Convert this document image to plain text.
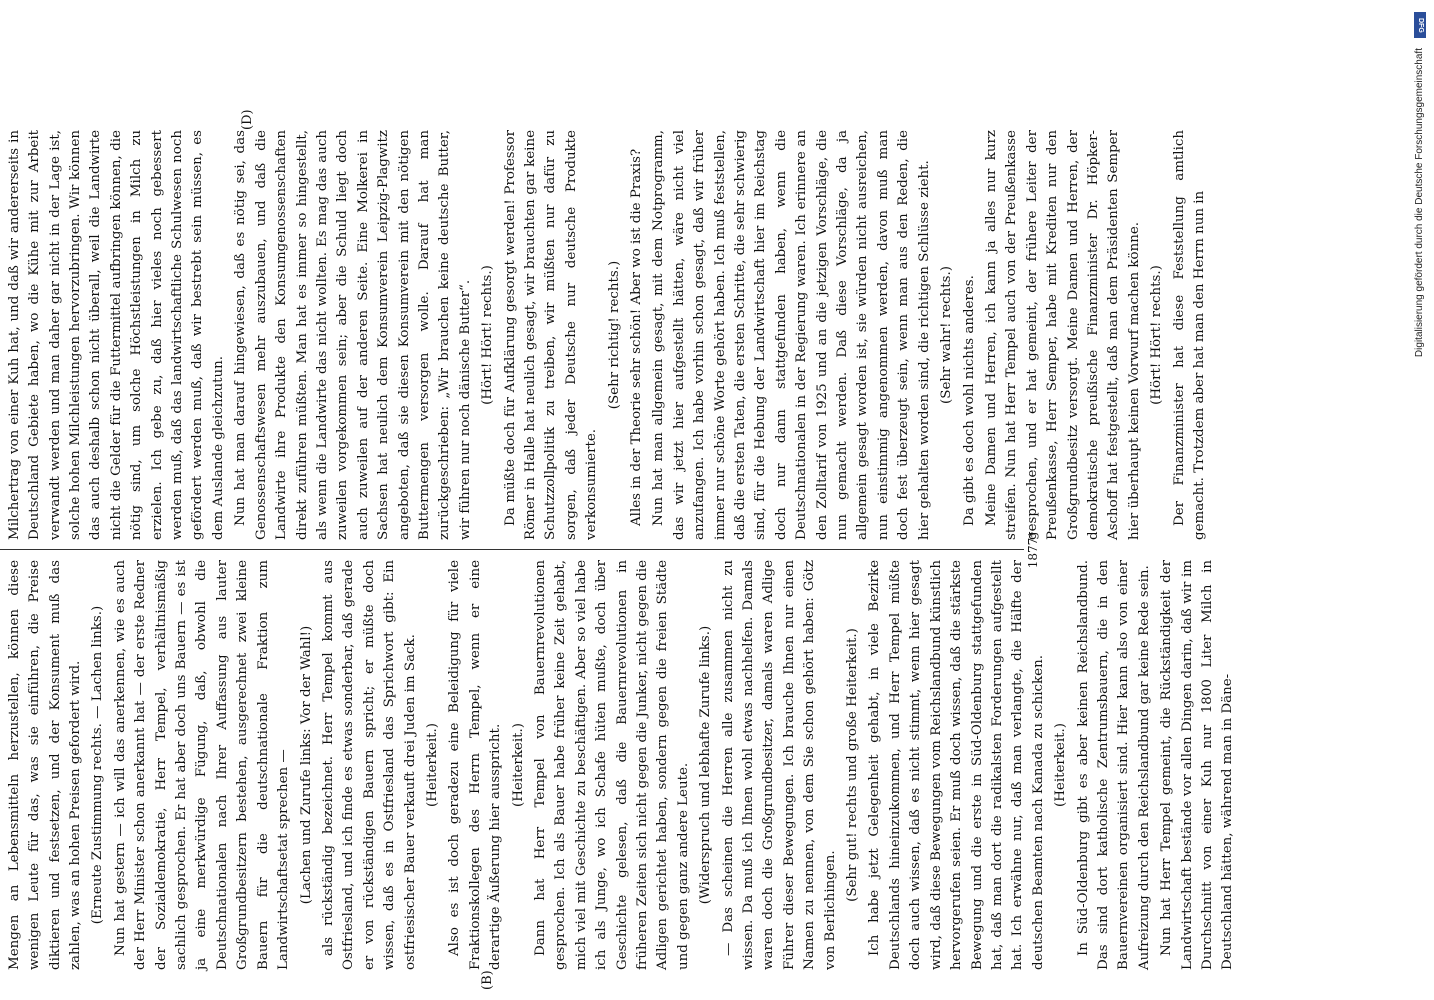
(B)
(D)

Mengen an Lebensmitteln herzustellen, können diese wenigen Leute für das, was sie einführen, die Preise diktieren und festsetzen, und der Konsument muß das zahlen, was an hohen Preisen gefordert wird. (Erneute Zustimmung rechts. — Lachen links.) Nun hat gestern — ich will das anerkennen, wie es auch der Herr Minister schon anerkannt hat — der erste Redner der Sozialdemokratie, Herr Tempel, verhältnismäßig sachlich gesprochen. Er hat aber doch uns Bauern — es ist ja eine merkwürdige Fügung, daß, obwohl die Deutschnationalen nach Ihrer Auffassung aus lauter Großgrundbesitzern bestehen, ausgerechnet zwei kleine Bauern für die deutschnationale Fraktion zum Landwirtschaftsetat sprechen — (Lachen und Zurufe links: Vor der Wahl!) als rückständig bezeichnet. Herr Tempel kommt aus Ostfriesland, und ich finde es etwas sonderbar, daß gerade er von rückständigen Bauern spricht; er müßte doch wissen, daß es in Ostfriesland das Sprichwort gibt: Ein ostfriesischer Bauer verkauft drei Juden im Sack. (Heiterkeit.) Also es ist doch geradezu eine Beleidigung für viele Fraktionskollegen des Herrn Tempel, wenn er eine derartige Äußerung hier ausspricht. (Heiterkeit.) Dann hat Herr Tempel von Bauernrevolutionen gesprochen. Ich als Bauer habe früher keine Zeit gehabt, mich viel mit Geschichte zu beschäftigen. Aber so viel habe ich als Junge, wo ich Schafe hüten mußte, doch über Geschichte gelesen, daß die Bauernrevolutionen in früheren Zeiten sich nicht gegen die Junker, nicht gegen die Adligen gerichtet haben, sondern gegen die freien Städte und gegen ganz andere Leute. (Widerspruch und lebhafte Zurufe links.) — Das scheinen die Herren alle zusammen nicht zu wissen. Da muß ich Ihnen wohl etwas nachhelfen. Damals waren doch die Großgrundbesitzer, damals waren Adlige Führer dieser Bewegungen. Ich brauche Ihnen nur einen Namen zu nennen, von dem Sie schon gehört haben: Götz von Berlichingen.

(Sehr gut! rechts und große Heiterkeit.) Ich habe jetzt Gelegenheit gehabt, in viele Bezirke Deutschlands hineinzukommen, und Herr Tempel müßte doch auch wissen, daß es nicht stimmt, wenn hier gesagt wird, daß diese Bewegungen vom Reichslandbund künstlich hervorgerufen seien. Er muß doch wissen, daß die stärkste Bewegung und die erste in Süd-Oldenburg stattgefunden hat, daß man dort die radikalsten Forderungen aufgestellt hat. Ich erwähne nur, daß man verlangte, die Hälfte der deutschen Beamten nach Kanada zu schicken. (Heiterkeit.) In Süd-Oldenburg gibt es aber keinen Reichslandbund. Das sind dort katholische Zentrumsbauern, die in den Bauernvereinen organisiert sind. Hier kann also von einer Aufreizung durch den Reichslandbund gar keine Rede sein. Nun hat Herr Tempel gemeint, die Rückständigkeit der Landwirtschaft bestände vor allen Dingen darin, daß wir im Durchschnitt von einer Kuh nur 1800 Liter Milch in Deutschland hätten, während man in Däne-

Milchertrag von einer Kuh hat, und daß wir andererseits in Deutschland Gebiete haben, wo die Kühe mit zur Arbeit verwandt werden und man daher gar nicht in der Lage ist, solche hohen Milchleistungen hervorzubringen. Wir können das auch deshalb schon nicht überall, weil die Landwirte nicht die Gelder für die Futtermittel aufbringen können, die nötig sind, um solche Höchstleistungen in Milch zu erzielen. Ich gebe zu, daß hier vieles noch gebessert werden muß, daß das landwirtschaftliche Schulwesen noch gefördert werden muß, daß wir bestrebt sein müssen, es dem Auslande gleichzutun. Nun hat man darauf hingewiesen, daß es nötig sei, das Genossenschaftswesen mehr auszubauen, und daß die Landwirte ihre Produkte den Konsumgenossenschaften direkt zuführen müßten. Man hat es immer so hingestellt, als wenn die Landwirte das nicht wollten. Es mag das auch zuweilen vorgekommen sein; aber die Schuld liegt doch auch zuweilen auf der anderen Seite. Eine Molkerei in Sachsen hat neulich dem Konsumverein Leipzig-Plagwitz angeboten, daß sie diesen Konsumverein mit den nötigen Buttermengen versorgen wolle. Darauf hat man zurückgeschrieben: „Wir brauchen keine deutsche Butter, wir führen nur noch dänische Butter“. (Hört! Hört! rechts.) Da müßte doch für Aufklärung gesorgt werden! Professor Römer in Halle hat neulich gesagt, wir brauchten gar keine Schutzzollpolitik zu treiben, wir müßten nur dafür zu sorgen, daß jeder Deutsche nur deutsche Produkte verkonsumierte.

(Sehr richtig! rechts.) Alles in der Theorie sehr schön! Aber wo ist die Praxis? Nun hat man allgemein gesagt, mit dem Notprogramm, das wir jetzt hier aufgestellt hätten, wäre nicht viel anzufangen. Ich habe vorhin schon gesagt, daß wir früher immer nur schöne Worte gehört haben. Ich muß feststellen, daß die ersten Taten, die ersten Schritte, die sehr schwierig sind, für die Hebung der Landwirtschaft hier im Reichstag doch nur dann stattgefunden haben, wenn die Deutschnationalen in der Regierung waren. Ich erinnere an den Zolltarif von 1925 und an die jetzigen Vorschläge, die nun gemacht werden. Daß diese Vorschläge, da ja allgemein gesagt worden ist, sie würden nicht ausreichen, nun einstimmig angenommen werden, davon muß man doch fest überzeugt sein, wenn man aus den Reden, die hier gehalten worden sind, die richtigen Schlüsse zieht. (Sehr wahr! rechts.) Da gibt es doch wohl nichts anderes. Meine Damen und Herren, ich kann ja alles nur kurz streifen. Nun hat Herr Tempel auch von der Preußenkasse gesprochen, und er hat gemeint, der frühere Leiter der Preußenkasse, Herr Semper, habe mit Krediten nur den Großgrundbesitz versorgt. Meine Damen und Herren, der demokratische preußische Finanzminister Dr. Höpker-Aschoff hat festgestellt, daß man dem Präsidenten Semper hier überhaupt keinen Vorwurf machen könne. (Hört! Hört! rechts.) Der Finanzminister hat diese Feststellung amtlich gemacht. Trotzdem aber hat man den Herrn nun in

1877*
Digitalisierung gefördert durch die Deutsche Forschungsgemeinschaft
DFG
